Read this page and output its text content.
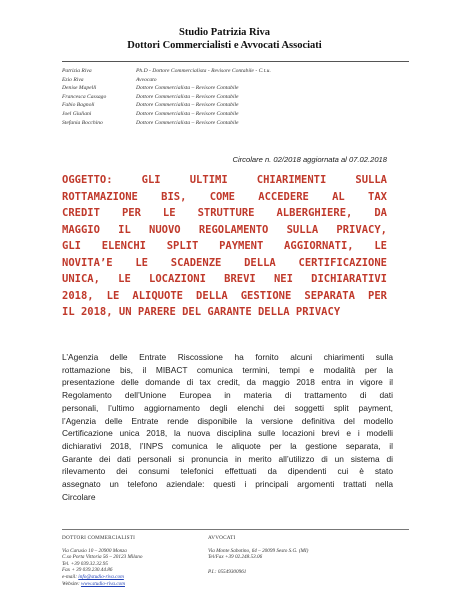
Studio Patrizia Riva
Dottori Commercialisti e Avvocati Associati
Patrizia Riva	Ph.D - Dottore Commercialista - Revisore Contabile - C.t.u.
Ezio Riva	Avvocato
Denise Mapelli	Dottore Commercialista – Revisore Contabile
Francesca Cassago	Dottore Commercialista – Revisore Contabile
Fabio Bagnoli	Dottore Commercialista – Revisore Contabile
Joel Giuliani	Dottore Commercialista – Revisore Contabile
Stefania Bocchino	Dottore Commercialista – Revisore Contabile
Circolare n. 02/2018 aggiornata al 07.02.2018
OGGETTO: GLI ULTIMI CHIARIMENTI SULLA
ROTTAMAZIONE BIS, COME ACCEDERE AL TAX
CREDIT PER LE STRUTTURE ALBERGHIERE, DA
MAGGIO IL NUOVO REGOLAMENTO SULLA PRIVACY,
GLI ELENCHI SPLIT PAYMENT AGGIORNATI, LE
NOVITA’E LE SCADENZE DELLA CERTIFICAZIONE
UNICA, LE LOCAZIONI BREVI NEI DICHIARATIVI
2018, LE ALIQUOTE DELLA GESTIONE SEPARATA PER
IL 2018, UN PARERE DEL GARANTE DELLA PRIVACY
L’Agenzia delle Entrate Riscossione ha fornito alcuni chiarimenti sulla
rottamazione bis, il MIBACT comunica termini, tempi e modalità per la
presentazione delle domande di tax credit, da maggio 2018 entra in vigore il
Regolamento dell’Unione Europea in materia di trattamento di dati
personali, l’ultimo aggiornamento degli elenchi dei soggetti split payment,
l’Agenzia delle Entrate rende disponibile la versione definitiva del modello
Certificazione unica 2018, la nuova disciplina sulle locazioni brevi e i modelli
dichiarativi 2018, l’INPS comunica le aliquote per la gestione separata, il
Garante dei dati personali si pronuncia in merito all’utilizzo di un sistema di
rilevamento dei consumi telefonici effettuati da dipendenti cui è stato
assegnato un telefono aziendale: questi i principali argomenti trattati nella
Circolare
DOTTORI COMMERCIALISTI
Via Carusio 10 – 20900 Monza
C.so Porta Vittoria 56 – 20123 Milano
Tel. +39 039.32.32.95
Fax + 39 039.230.44.86
e-mail: info@studio-riva.com
Website: www.studio-riva.com
AVVOCATI
Via Monte Sabotino, 64 – 20099 Sesto S.G. (MI)
Tel/Fax +39 02.248.53.06
P.I.: 05549300961
